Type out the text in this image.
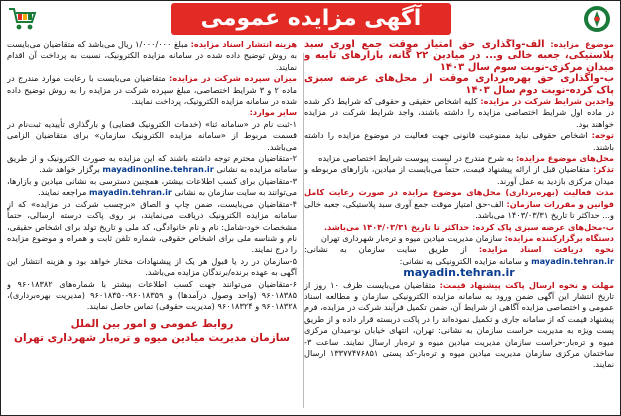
آگهی مزایده عمومی

موضوع مزایده: الف-واگذاری حق امتیاز موقت جمع آوری سبد پلاستیکی، جعبه خالی و... در میادین ۲۲ گانه، بازارهای تایبه و میدان مرکزی-نوبت سوم سال ۱۴۰۳

ب-واگذاری حق بهره‌برداری موقت از محل‌های عرضه سبزی پاک کرده-نوبت دوم سال ۱۴۰۳

واجدین شرایط شرکت در مزایده: کلیه اشخاص حقیقی و حقوقی که شرایط ذکر شده در ماده اول شرایط اختصاصی مزایده را داشته باشند، واجد شرایط شرکت در مزایده خواهند بود.

توجه: اشخاص حقوقی نباید ممنوعیت قانونی جهت فعالیت در موضوع مزایده را داشته باشند.

محل‌های موضوع مزایده: به شرح مندرج در لیست پیوست شرایط اختصاصی مزایده

تذکر: متقاضیان قبل از ارائه پیشنهاد قیمت، حتماً می‌بایست از میادین، بازارهای مربوطه و میدان مرکزی بازدید به عمل آورند.

مدت فعالیت (بهره‌برداری) محل‌های موضوع مزایده در صورت رعایت کامل قوانین و مقررات سازمان: الف-حق امتیاز موقت جمع آوری سبد پلاستیکی، جعبه خالی و... حداکثر تا تاریخ ۱۴۰۳/۰۳/۳۱ می‌باشد.

ب-محل‌های عرضه سبزی پاک کرده: حداکثر تا تاریخ ۱۴۰۴/۰۳/۳۱ می‌باشد.

دستگاه برگزارکننده مزایده: سازمان مدیریت میادین میوه و تره‌بار شهرداری تهران

نحوه دریافت اسناد مزایده: از طریق سایت سازمان به نشانی: mayadin.tehran.ir و سامانه مزایده الکترونیکی به نشانی:

mayadin.tehran.ir

مهلت و نحوه ارسال پاکت پیشنهاد قیمت: متقاضیان می‌بایست ظرف ۱۰ روز از تاریخ انتشار این آگهی ضمن ورود به سامانه مزایده الکترونیکی سازمان و مطالعه اسناد عمومی و اختصاصی مزایده آگاهی از شرایط آن، ضمن تکمیل فرآیند شرکت در مزایده، فرم پیشنهاد قیمت که از سامانه جاری و تکمیل نموده‌اند را در پاکت دربسته قرار داده و از طریق پست ویژه به مدیریت حراست سازمان به نشانی: تهران، انتهای خیابان نو-میدان مرکزی میوه و تره‌بار-حراست سازمان مدیریت میادین میوه و تره‌بار ارسال نمایند. ساعت ۳-ساختمان مرکزی سازمان مدیریت میادین میوه و تره‌بار-کد پستی ۱۳۳۷۷۴۷۶۸۵۱ ارسال نمایند.

هزینه انتشار اسناد مزایده: مبلغ ۱/۰۰۰/۰۰۰ ریال می‌باشد که متقاضیان می‌بایست به روش توضیح داده شده در سامانه مزایده الکترونیک، نسبت به پرداخت آن اقدام نمایند.

میزان سپرده شرکت در مزایده: متقاضیان می‌بایست با رعایت موارد مندرج در ماده ۲ و ۳ شرایط اختصاصی، مبلغ سپرده شرکت در مزایده را به روش توضیح داده شده در سامانه مزایده الکترونیک، پرداخت نمایند.

سایر موارد:

۱-ثبت نام در «سامانه ثنا» (خدمات الکترونیک قضایی) و بارگذاری تأییدیه ثبت‌نام در قسمت مربوط از «سامانه مزایده الکترونیک سازمان» برای متقاضیان الزامی می‌باشد.

۲-متقاضیان محترم توجه داشته باشند که این مزایده به صورت الکترونیک و از طریق سامانه مزایده به نشانی mayadinonline.tehran.ir برگزار خواهد شد.

۳-متقاضیان برای کسب اطلاعات بیشتر، همچنین دسترسی به نشانی میادین و بازارها، می‌توانند به سایت سازمان به نشانی mayadin.tehran.ir مراجعه نمایند.

۴-متقاضیان می‌بایست، ضمن چاپ و الصاق «برچسب شرکت در مزایده» که از سامانه مزایده الکترونیک دریافت می‌نمایند، بر روی پاکت درسته ارسالی، حتماً مشخصات خود-شامل: نام و نام خانوادگی، کد ملی و تاریخ تولد برای اشخاص حقیقی، نام و شناسه ملی برای اشخاص حقوقی، شماره تلفن ثابت و همراه و موضوع مزایده را درج نمایند.

۵-سازمان در رد یا قبول هر یک از پیشنهادات مختار خواهد بود و هزینه انتشار این آگهی به عهده برنده/برندگان مزایده می‌باشد.

۶-متقاضیان می‌توانند جهت کسب اطلاعات بیشتر با شماره‌های ۹۶۰۱۸۳۸۲ و ۹۶۰۱۸۳۸۵ (واحد وصول درآمدها) و ۹۶۰۱۸۳۵۹-۹۶۰۱۸۳۵۰ (مدیریت بهره‌برداری)، ۹۶۰۱۸۳۲۸ و ۹۶۰۱۸۳۲۴ (مدیریت حقوقی) تماس حاصل نمایند.

روابط عمومی و امور بین الملل

سازمان مدیریت میادین میوه و تره‌بار شهرداری تهران
